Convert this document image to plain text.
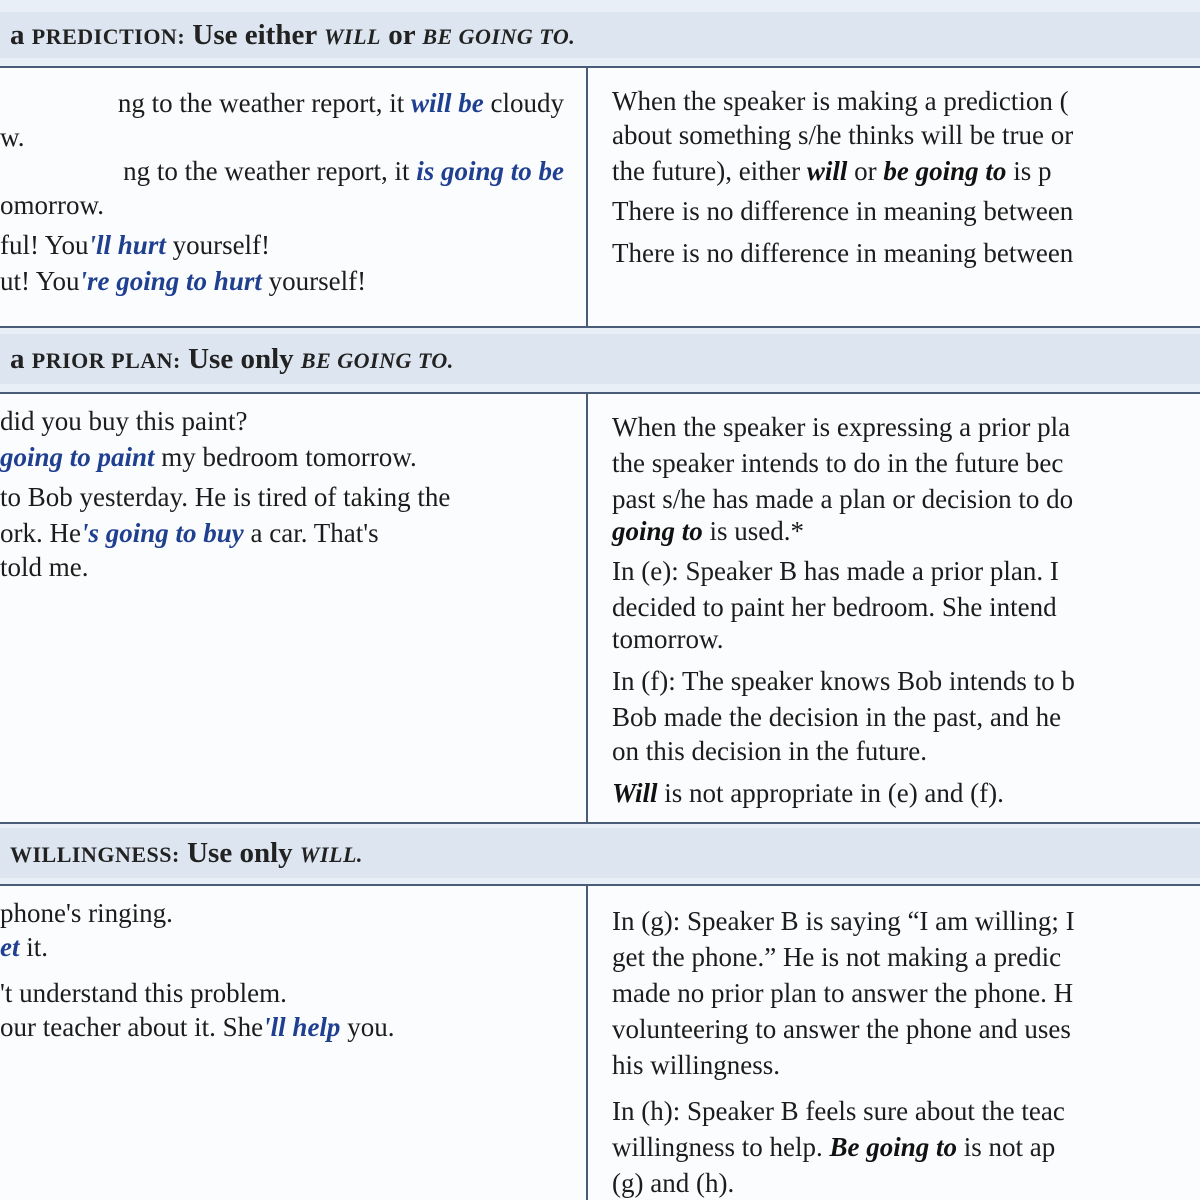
a PREDICTION: Use either WILL or BE GOING TO.
ng to the weather report, it will be cloudy
w.
ng to the weather report, it is going to be
omorrow.
ful! You'll hurt yourself!
ut! You're going to hurt yourself!
When the speaker is making a prediction (
about something s/he thinks will be true or
the future), either will or be going to is p
There is no difference in meaning between
There is no difference in meaning between
a PRIOR PLAN: Use only BE GOING TO.
did you buy this paint?
going to paint my bedroom tomorrow.
to Bob yesterday. He is tired of taking the
ork. He's going to buy a car. That's
told me.
When the speaker is expressing a prior pla
the speaker intends to do in the future bec
past s/he has made a plan or decision to do
going to is used.*
In (e): Speaker B has made a prior plan. I
decided to paint her bedroom. She intend
tomorrow.
In (f): The speaker knows Bob intends to b
Bob made the decision in the past, and he
on this decision in the future.
Will is not appropriate in (e) and (f).
WILLINGNESS: Use only WILL.
phone's ringing.
et it.
't understand this problem.
our teacher about it. She'll help you.
In (g): Speaker B is saying “I am willing; I
get the phone.” He is not making a predic
made no prior plan to answer the phone. H
volunteering to answer the phone and uses
his willingness.
In (h): Speaker B feels sure about the teac
willingness to help. Be going to is not ap
(g) and (h).
